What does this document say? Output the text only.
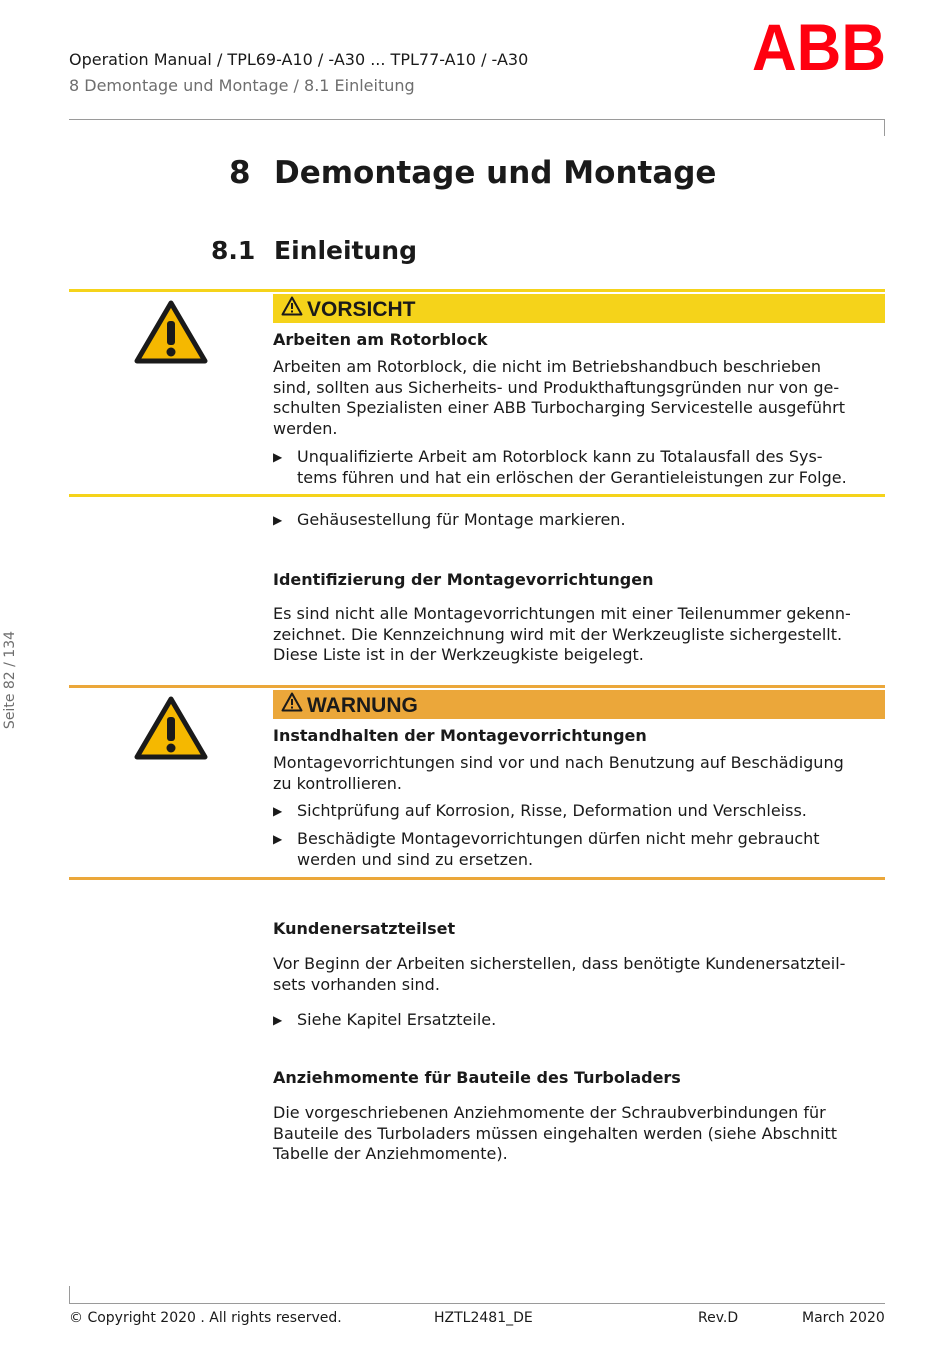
Operation Manual / TPL69-A10 / -A30 ... TPL77-A10 / -A30
8 Demontage und Montage / 8.1 Einleitung
ABB
Seite 82 / 134
8 Demontage und Montage
8.1 Einleitung
VORSICHT
Arbeiten am Rotorblock
Arbeiten am Rotorblock, die nicht im Betriebshandbuch beschrieben
sind, sollten aus Sicherheits- und Produkthaftungsgründen nur von ge-
schulten Spezialisten einer ABB Turbocharging Servicestelle ausgeführt
werden.
▶ Unqualifizierte Arbeit am Rotorblock kann zu Totalausfall des Sys-
tems führen und hat ein erlöschen der Gerantieleistungen zur Folge.
▶ Gehäusestellung für Montage markieren.
Identifizierung der Montagevorrichtungen
Es sind nicht alle Montagevorrichtungen mit einer Teilenummer gekenn-
zeichnet. Die Kennzeichnung wird mit der Werkzeugliste sichergestellt.
Diese Liste ist in der Werkzeugkiste beigelegt.
WARNUNG
Instandhalten der Montagevorrichtungen
Montagevorrichtungen sind vor und nach Benutzung auf Beschädigung
zu kontrollieren.
▶ Sichtprüfung auf Korrosion, Risse, Deformation und Verschleiss.
▶ Beschädigte Montagevorrichtungen dürfen nicht mehr gebraucht
werden und sind zu ersetzen.
Kundenersatzteilset
Vor Beginn der Arbeiten sicherstellen, dass benötigte Kundenersatzteil-
sets vorhanden sind.
▶ Siehe Kapitel Ersatzteile.
Anziehmomente für Bauteile des Turboladers
Die vorgeschriebenen Anziehmomente der Schraubverbindungen für
Bauteile des Turboladers müssen eingehalten werden (siehe Abschnitt
Tabelle der Anziehmomente).
© Copyright 2020 . All rights reserved.	HZTL2481_DE	Rev.D	March 2020
